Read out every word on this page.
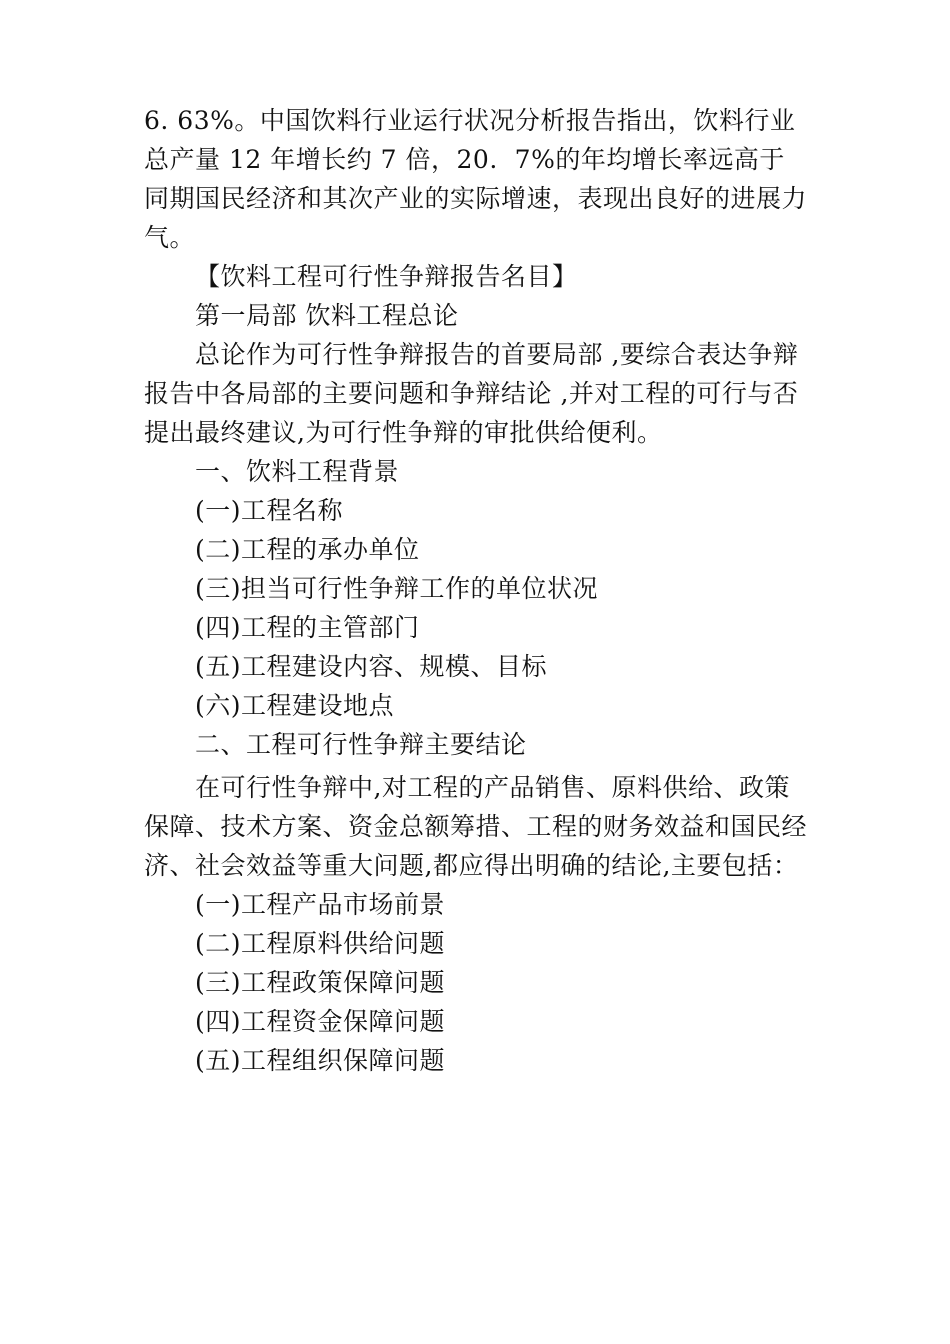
6. 63%。中国饮料行业运行状况分析报告指出，饮料行业总产量 12 年增长约 7 倍，20.  7%的年均增长率远高于同期国民经济和其次产业的实际增速，表现出良好的进展力气。

【饮料工程可行性争辩报告名目】

第一局部 饮料工程总论

总论作为可行性争辩报告的首要局部 ,要综合表达争辩报告中各局部的主要问题和争辩结论 ,并对工程的可行与否提出最终建议,为可行性争辩的审批供给便利。

一、饮料工程背景

(一)工程名称

(二)工程的承办单位

(三)担当可行性争辩工作的单位状况

(四)工程的主管部门

(五)工程建设内容、规模、目标

(六)工程建设地点

二、工程可行性争辩主要结论

在可行性争辩中,对工程的产品销售、原料供给、政策保障、技术方案、资金总额筹措、工程的财务效益和国民经济、社会效益等重大问题,都应得出明确的结论,主要包括：

(一)工程产品市场前景

(二)工程原料供给问题

(三)工程政策保障问题

(四)工程资金保障问题

(五)工程组织保障问题
